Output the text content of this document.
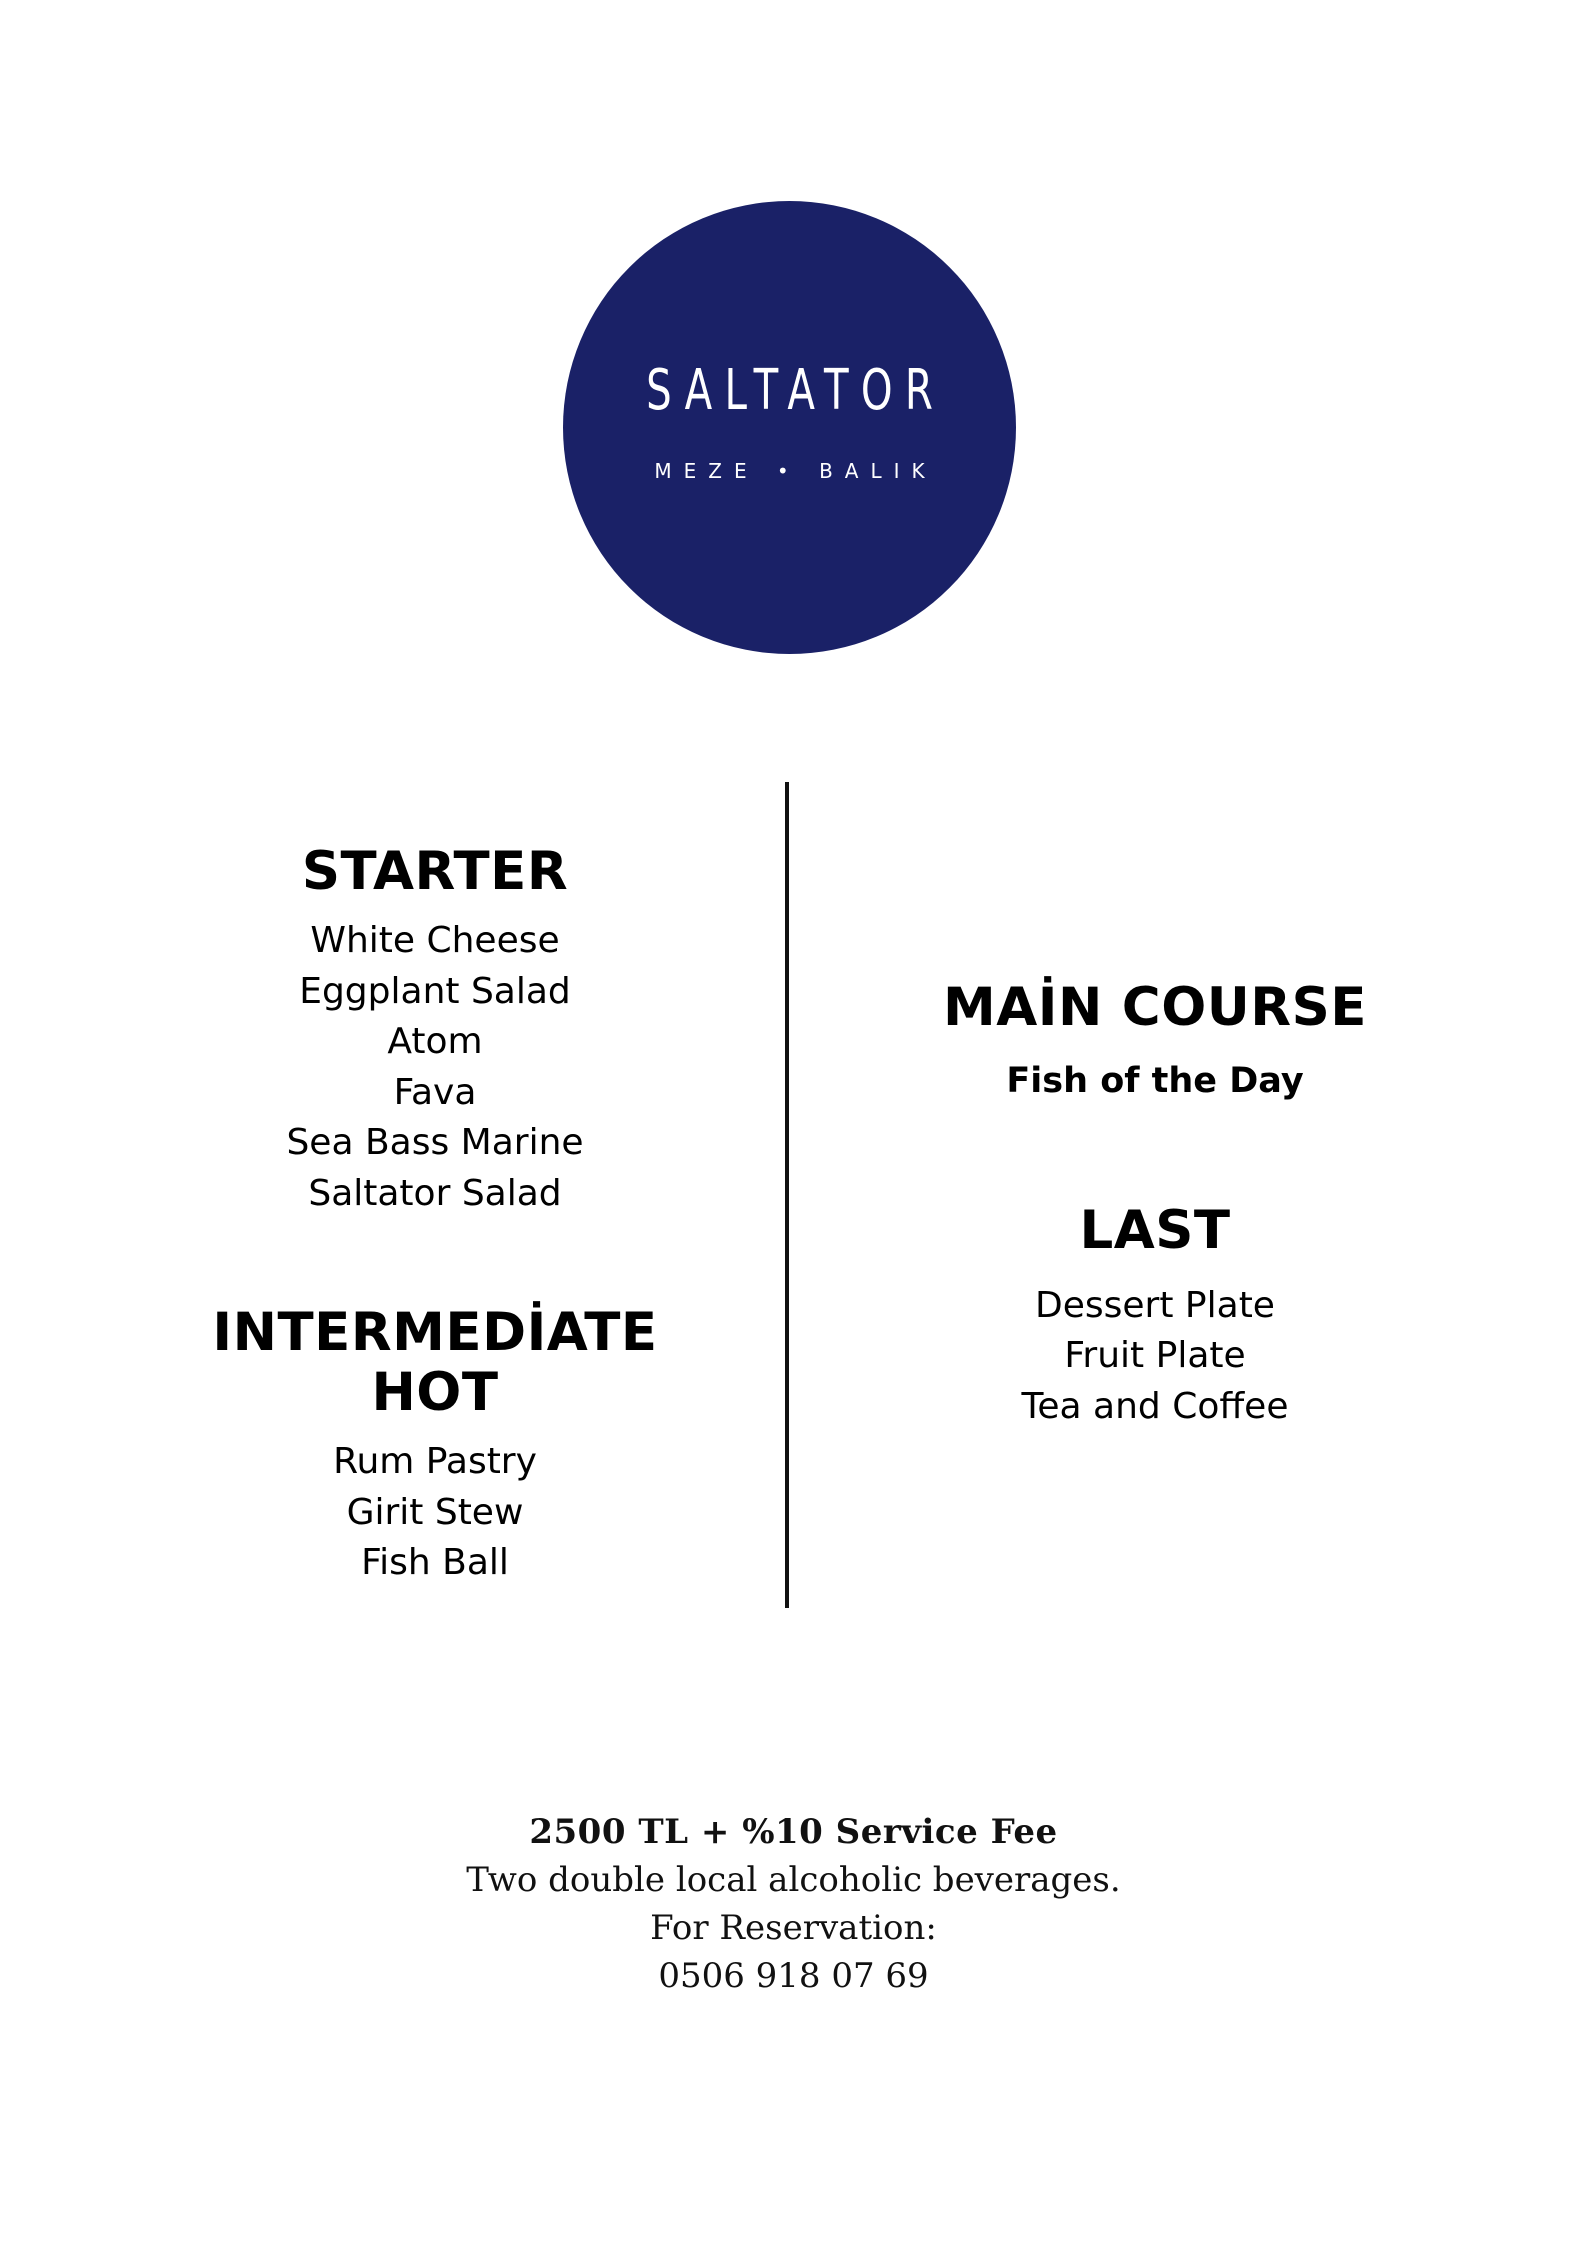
SALTATOR
MEZE • BALIK
STARTER
White Cheese
Eggplant Salad
Atom
Fava
Sea Bass Marine
Saltator Salad
INTERMEDİATE
HOT
Rum Pastry
Girit Stew
Fish Ball
MAİN COURSE
Fish of the Day
LAST
Dessert Plate
Fruit Plate
Tea and Coffee
2500 TL + %10 Service Fee
Two double local alcoholic beverages.
For Reservation:
0506 918 07 69
